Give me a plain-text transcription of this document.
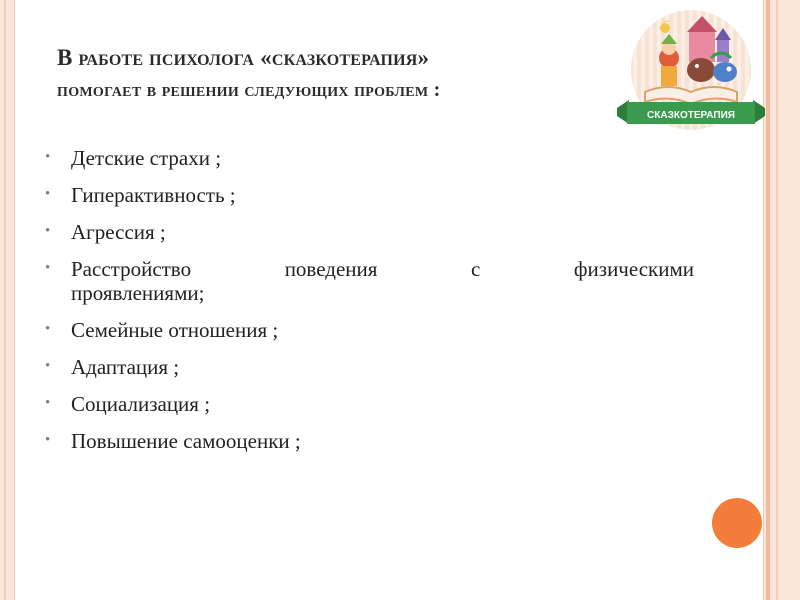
В работе психолога «сказкотерапия»
помогает в решении следующих проблем :
• Детские страхи ;
• Гиперактивность ;
• Агрессия ;
• Расстройство	поведения	с	физическими
проявлениями;
• Семейные отношения ;
• Адаптация ;
• Социализация ;
• Повышение самооценки ;
СКАЗКОТЕРАПИЯ
